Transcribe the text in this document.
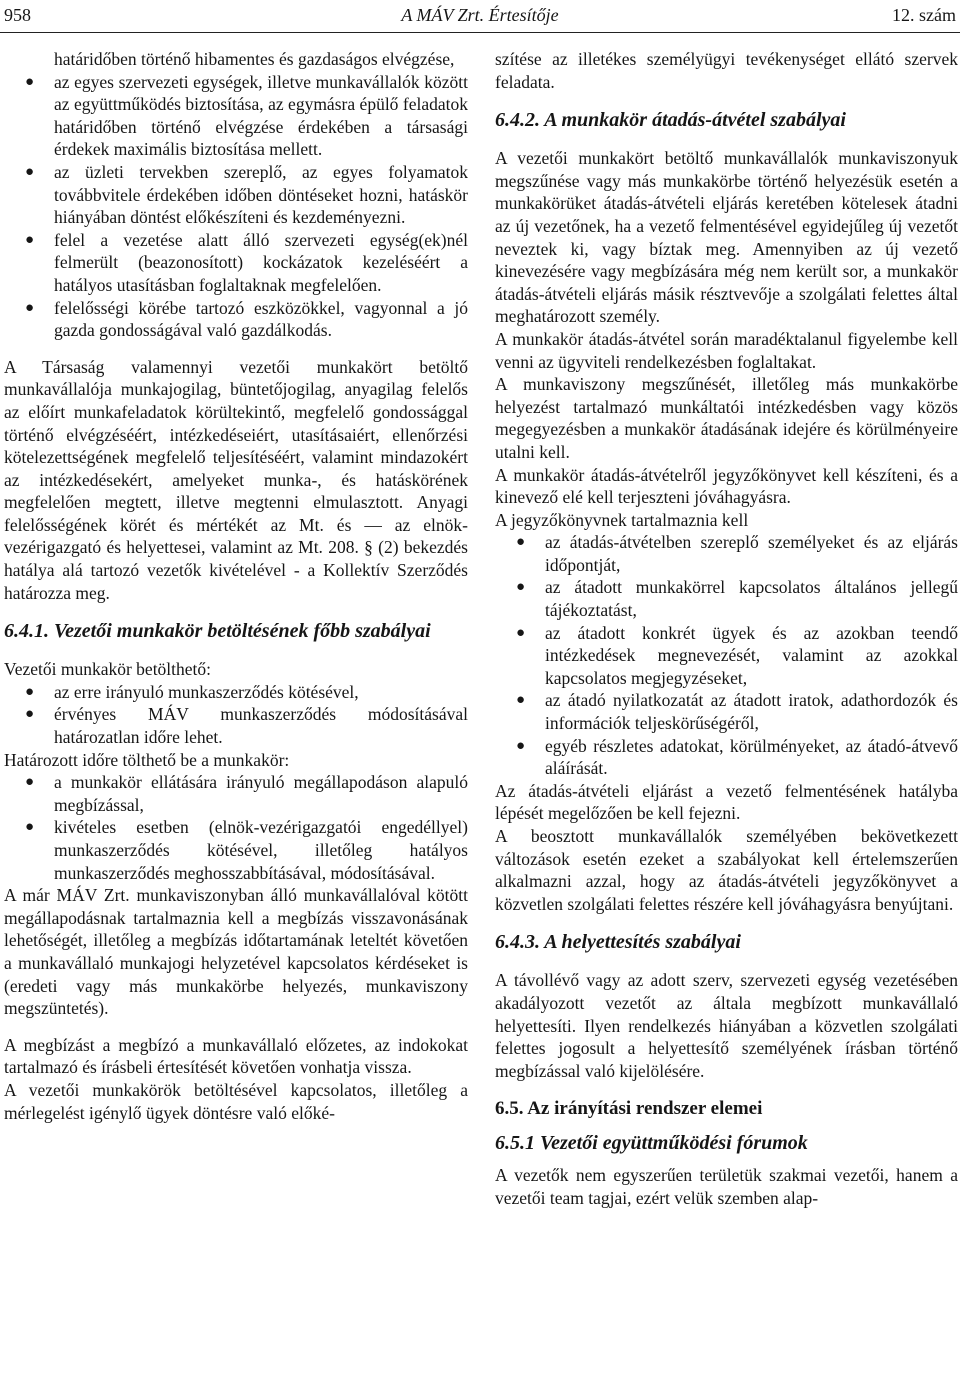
958	A MÁV Zrt. Értesítője	12. szám

határidőben történő hibamentes és gazdaságos elvégzése,

● az egyes szervezeti egységek, illetve munkavállalók között az együttműködés biztosítása, az egymásra épülő feladatok határidőben történő elvégzése érdekében a társasági érdekek maximális biztosítása mellett.
● az üzleti tervekben szereplő, az egyes folyamatok továbbvitele érdekében időben döntéseket hozni, hatáskör hiányában döntést előkészíteni és kezdeményezni.
● felel a vezetése alatt álló szervezeti egység(ek)nél felmerült (beazonosított) kockázatok kezeléséért a hatályos utasításban foglaltaknak megfelelően.
● felelősségi körébe tartozó eszközökkel, vagyonnal a jó gazda gondosságával való gazdálkodás.

A Társaság valamennyi vezetői munkakört betöltő munkavállalója munkajogilag, büntetőjogilag, anyagilag felelős az előírt munkafeladatok körültekintő, megfelelő gondossággal történő elvégzéséért, intézkedéseiért, utasításaiért, ellenőrzési kötelezettségének megfelelő teljesítéséért, valamint mindazokért az intézkedésekért, amelyeket munka-, és hatáskörének megfelelően megtett, illetve megtenni elmulasztott. Anyagi felelősségének körét és mértékét az Mt. és — az elnök-vezérigazgató és helyettesei, valamint az Mt. 208. § (2) bekezdés hatálya alá tartozó vezetők kivételével - a Kollektív Szerződés határozza meg.

6.4.1. Vezetői munkakör betöltésének főbb szabályai

Vezetői munkakör betölthető:

● az erre irányuló munkaszerződés kötésével,
● érvényes MÁV munkaszerződés módosításával határozatlan időre lehet.

Határozott időre tölthető be a munkakör:

● a munkakör ellátására irányuló megállapodáson alapuló megbízással,
● kivételes esetben (elnök-vezérigazgatói engedéllyel) munkaszerződés kötésével, illetőleg hatályos munkaszerződés meghosszabbításával, módosításával.

A már MÁV Zrt. munkaviszonyban álló munkavállalóval kötött megállapodásnak tartalmaznia kell a megbízás visszavonásának lehetőségét, illetőleg a megbízás időtartamának leteltét követően a munkavállaló munkajogi helyzetével kapcsolatos kérdéseket is (eredeti vagy más munkakörbe helyezés, munkaviszony megszüntetés).

A megbízást a megbízó a munkavállaló előzetes, az indokokat tartalmazó és írásbeli értesítését követően vonhatja vissza.

A vezetői munkakörök betöltésével kapcsolatos, illetőleg a mérlegelést igénylő ügyek döntésre való előké-

szítése az illetékes személyügyi tevékenységet ellátó szervek feladata.

6.4.2. A munkakör átadás-átvétel szabályai

A vezetői munkakört betöltő munkavállalók munkaviszonyuk megszűnése vagy más munkakörbe történő helyezésük esetén a munkakörüket átadás-átvételi eljárás keretében kötelesek átadni az új vezetőnek, ha a vezető felmentésével egyidejűleg új vezetőt neveztek ki, vagy bíztak meg. Amennyiben az új vezető kinevezésére vagy megbízására még nem került sor, a munkakör átadás-átvételi eljárás másik résztvevője a szolgálati felettes által meghatározott személy.

A munkakör átadás-átvétel során maradéktalanul figyelembe kell venni az ügyviteli rendelkezésben foglaltakat.

A munkaviszony megszűnését, illetőleg más munkakörbe helyezést tartalmazó munkáltatói intézkedésben vagy közös megegyezésben a munkakör átadásának idejére és körülményeire utalni kell.

A munkakör átadás-átvételről jegyzőkönyvet kell készíteni, és a kinevező elé kell terjeszteni jóváhagyásra.

A jegyzőkönyvnek tartalmaznia kell

● az átadás-átvételben szereplő személyeket és az eljárás időpontját,
● az átadott munkakörrel kapcsolatos általános jellegű tájékoztatást,
● az átadott konkrét ügyek és az azokban teendő intézkedések megnevezését, valamint az azokkal kapcsolatos megjegyzéseket,
● az átadó nyilatkozatát az átadott iratok, adathordozók és információk teljeskörűségéről,
● egyéb részletes adatokat, körülményeket, az átadó-átvevő aláírását.

Az átadás-átvételi eljárást a vezető felmentésének hatályba lépését megelőzően be kell fejezni.

A beosztott munkavállalók személyében bekövetkezett változások esetén ezeket a szabályokat kell értelemszerűen alkalmazni azzal, hogy az átadás-átvételi jegyzőkönyvet a közvetlen szolgálati felettes részére kell jóváhagyásra benyújtani.

6.4.3. A helyettesítés szabályai

A távollévő vagy az adott szerv, szervezeti egység vezetésében akadályozott vezetőt az általa megbízott munkavállaló helyettesíti. Ilyen rendelkezés hiányában a közvetlen szolgálati felettes jogosult a helyettesítő személyének írásban történő megbízással való kijelölésére.

6.5. Az irányítási rendszer elemei
6.5.1 Vezetői együttműködési fórumok

A vezetők nem egyszerűen területük szakmai vezetői, hanem a vezetői team tagjai, ezért velük szemben alap-
